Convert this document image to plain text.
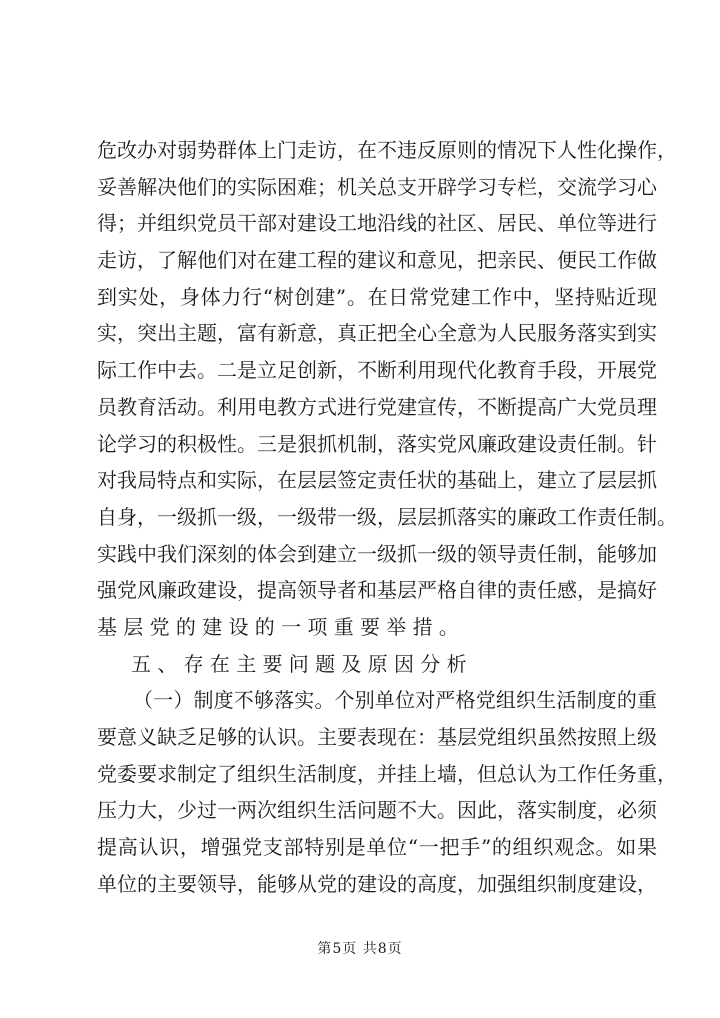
危改办对弱势群体上门走访，在不违反原则的情况下人性化操作，
妥善解决他们的实际困难；机关总支开辟学习专栏，交流学习心
得；并组织党员干部对建设工地沿线的社区、居民、单位等进行
走访，了解他们对在建工程的建议和意见，把亲民、便民工作做
到实处，身体力行“树创建”。在日常党建工作中，坚持贴近现
实，突出主题，富有新意，真正把全心全意为人民服务落实到实
际工作中去。二是立足创新，不断利用现代化教育手段，开展党
员教育活动。利用电教方式进行党建宣传，不断提高广大党员理
论学习的积极性。三是狠抓机制，落实党风廉政建设责任制。针
对我局特点和实际，在层层签定责任状的基础上，建立了层层抓
自身，一级抓一级，一级带一级，层层抓落实的廉政工作责任制。
实践中我们深刻的体会到建立一级抓一级的领导责任制，能够加
强党风廉政建设，提高领导者和基层严格自律的责任感，是搞好
基层党的建设的一项重要举措。
五、存在主要问题及原因分析
（一）制度不够落实。个别单位对严格党组织生活制度的重
要意义缺乏足够的认识。主要表现在：基层党组织虽然按照上级
党委要求制定了组织生活制度，并挂上墙，但总认为工作任务重，
压力大，少过一两次组织生活问题不大。因此，落实制度，必须
提高认识，增强党支部特别是单位“一把手”的组织观念。如果
单位的主要领导，能够从党的建设的高度，加强组织制度建设，
第5页 共8页
